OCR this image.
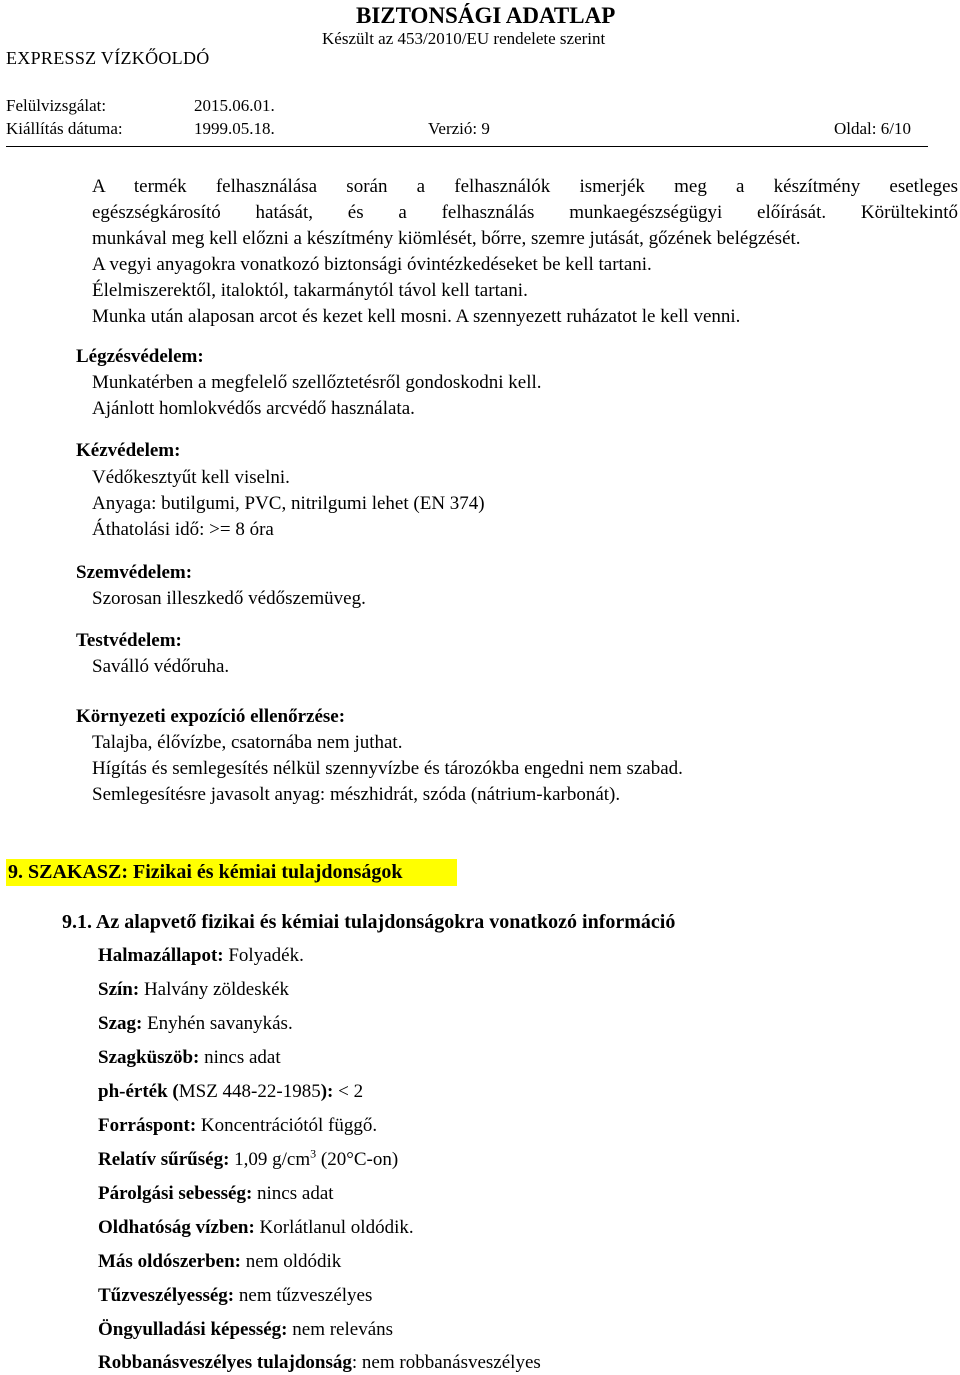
BIZTONSÁGI ADATLAP
Készült az 453/2010/EU rendelete szerint
EXPRESSZ VÍZKŐOLDÓ
Felülvizsgálat:	2015.06.01.
Kiállítás dátuma:	1999.05.18.	Verzió: 9	Oldal: 6/10
A termék felhasználása során a felhasználók ismerjék meg a készítmény esetleges
egészségkárosító hatását, és a felhasználás munkaegészségügyi előírását. Körültekintő
munkával meg kell előzni a készítmény kiömlését, bőrre, szemre jutását, gőzének belégzését.
A vegyi anyagokra vonatkozó biztonsági óvintézkedéseket be kell tartani.
Élelmiszerektől, italoktól, takarmánytól távol kell tartani.
Munka után alaposan arcot és kezet kell mosni. A szennyezett ruházatot le kell venni.
Légzésvédelem:
Munkatérben a megfelelő szellőztetésről gondoskodni kell.
Ajánlott homlokvédős arcvédő használata.
Kézvédelem:
Védőkesztyűt kell viselni.
Anyaga: butilgumi, PVC, nitrilgumi lehet (EN 374)
Áthatolási idő: >= 8 óra
Szemvédelem:
Szorosan illeszkedő védőszemüveg.
Testvédelem:
Saválló védőruha.
Környezeti expozíció ellenőrzése:
Talajba, élővízbe, csatornába nem juthat.
Hígítás és semlegesítés nélkül szennyvízbe és tározókba engedni nem szabad.
Semlegesítésre javasolt anyag: mészhidrát, szóda (nátrium-karbonát).
9. SZAKASZ: Fizikai és kémiai tulajdonságok
9.1. Az alapvető fizikai és kémiai tulajdonságokra vonatkozó információ
Halmazállapot: Folyadék.
Szín: Halvány zöldeskék
Szag: Enyhén savanykás.
Szagküszöb: nincs adat
ph-érték (MSZ 448-22-1985): < 2
Forráspont: Koncentrációtól függő.
Relatív sűrűség: 1,09 $g/cm^3$ (20°C-on)
Párolgási sebesség: nincs adat
Oldhatóság vízben: Korlátlanul oldódik.
Más oldószerben: nem oldódik
Tűzveszélyesség: nem tűzveszélyes
Öngyulladási képesség: nem releváns
Robbanásveszélyes tulajdonság: nem robbanásveszélyes
